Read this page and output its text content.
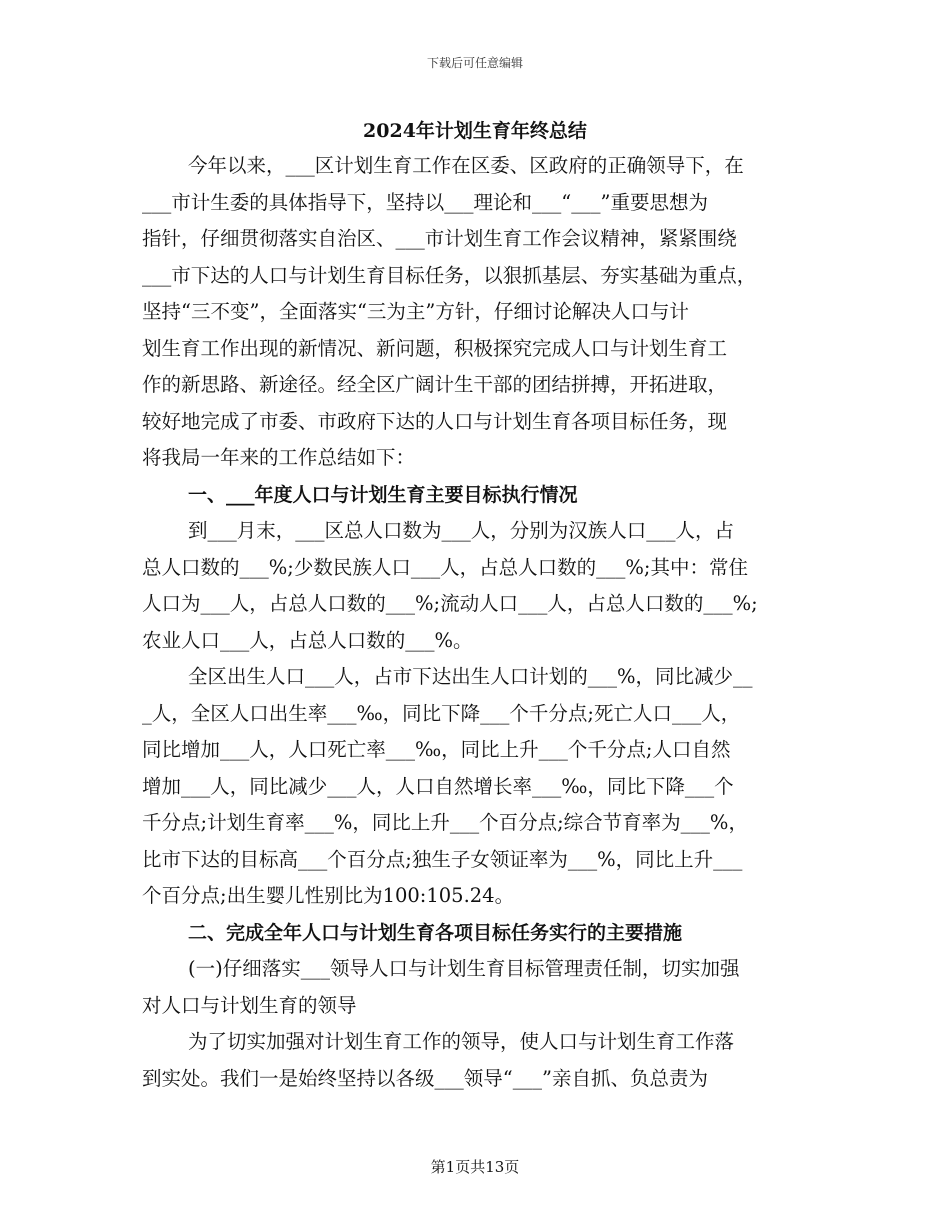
下载后可任意编辑
2024年计划生育年终总结
今年以来，___区计划生育工作在区委、区政府的正确领导下，在
___市计生委的具体指导下，坚持以___理论和___“___”重要思想为
指针，仔细贯彻落实自治区、___市计划生育工作会议精神，紧紧围绕
___市下达的人口与计划生育目标任务，以狠抓基层、夯实基础为重点，
坚持“三不变”，全面落实“三为主”方针，仔细讨论解决人口与计
划生育工作出现的新情况、新问题，积极探究完成人口与计划生育工
作的新思路、新途径。经全区广阔计生干部的团结拼搏，开拓进取，
较好地完成了市委、市政府下达的人口与计划生育各项目标任务，现
将我局一年来的工作总结如下：
一、___年度人口与计划生育主要目标执行情况
到___月末，___区总人口数为___人，分别为汉族人口___人，占
总人口数的___%;少数民族人口___人，占总人口数的___%;其中：常住
人口为___人，占总人口数的___%;流动人口___人，占总人口数的___%;
农业人口___人，占总人口数的___%。
全区出生人口___人，占市下达出生人口计划的___%，同比减少__
_人，全区人口出生率___‰，同比下降___个千分点;死亡人口___人，
同比增加___人，人口死亡率___‰，同比上升___个千分点;人口自然
增加___人，同比减少___人，人口自然增长率___‰，同比下降___个
千分点;计划生育率___%，同比上升___个百分点;综合节育率为___%，
比市下达的目标高___个百分点;独生子女领证率为___%，同比上升___
个百分点;出生婴儿性别比为100:105.24。
二、完成全年人口与计划生育各项目标任务实行的主要措施
(一)仔细落实___领导人口与计划生育目标管理责任制，切实加强
对人口与计划生育的领导
为了切实加强对计划生育工作的领导，使人口与计划生育工作落
到实处。我们一是始终坚持以各级___领导“___”亲自抓、负总责为
第1页共13页
